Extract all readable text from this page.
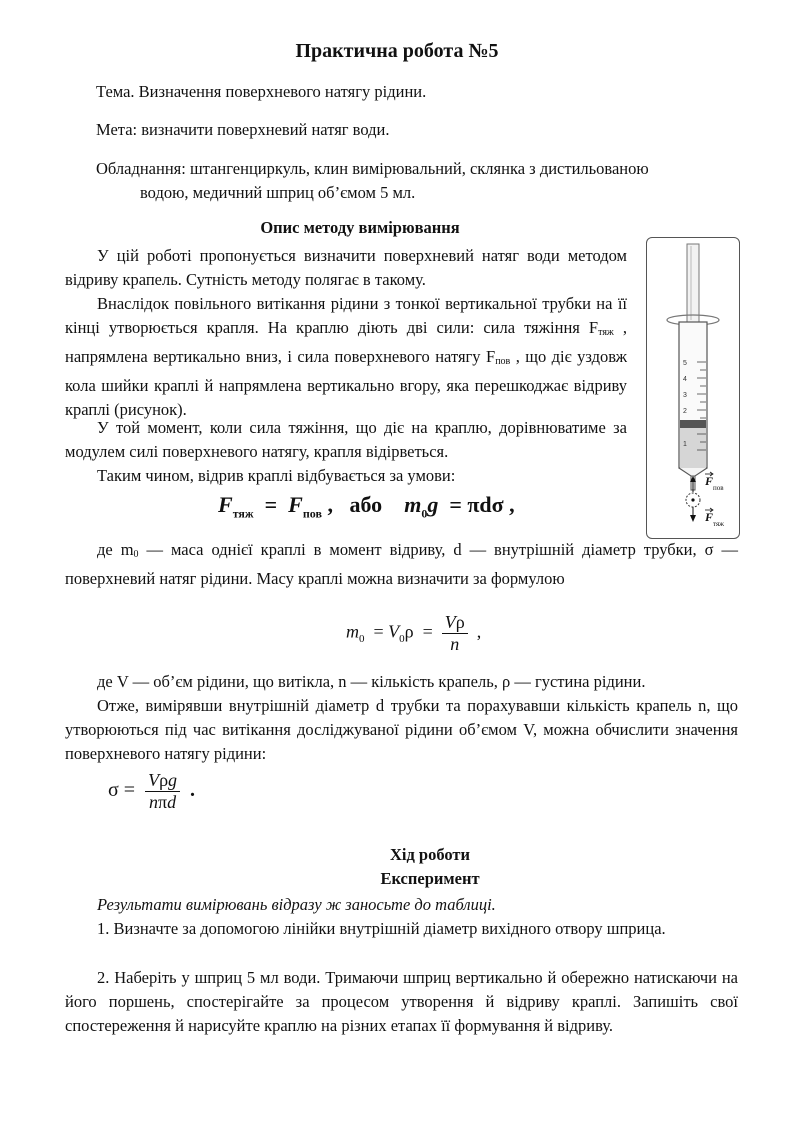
Практична робота №5
Тема. Визначення поверхневого натягу рідини.
Мета: визначити поверхневий натяг води.
Обладнання: штангенциркуль, клин вимірювальний, склянка з дистильованою
водою, медичний шприц об’ємом 5 мл.
Опис методу вимірювання
У цій роботі пропонується визначити поверхневий натяг води методом відриву крапель. Сутність методу полягає в такому.
Внаслідок повільного витікання рідини з тонкої вертикальної трубки на її кінці утворюється крапля. На краплю діють дві сили: сила тяжіння $F_{тяж}$ , напрямлена вертикально вниз, і сила поверхневого натягу $F_{пов}$ , що діє уздовж кола шийки краплі й напрямлена вертикально вгору, яка перешкоджає відриву краплі (рисунок).
У той момент, коли сила тяжіння, що діє на краплю, дорівнюватиме за модулем силі поверхневого натягу, крапля відірветься.
Таким чином, відрив краплі відбувається за умови:
$F_{тяж} = F_{пов}$ ,   або $m_0g = \pi d\sigma$ ,
де $m_0$ — маса однієї краплі в момент відриву, d — внутрішній діаметр трубки, σ — поверхневий натяг рідини. Масу краплі можна визначити за формулою
$m_0 = V_0\rho = \frac{V\rho}{n}$ ,
де V — об’єм рідини, що витікла, n — кількість крапель, ρ — густина рідини.
Отже, вимірявши внутрішній діаметр d трубки та порахувавши кількість крапель n, що утворюються під час витікання досліджуваної рідини об’ємом V, можна обчислити значення поверхневого натягу рідини:
$\sigma = \frac{\text{Vρg}}{\text{nπd}}$ .
Хід роботи
Експеримент
Результати вимірювань відразу ж заносьте до таблиці.
1. Визначте за допомогою лінійки внутрішній діаметр вихідного отвору шприца.
2. Наберіть у шприц 5 мл води. Тримаючи шприц вертикально й обережно натискаючи на його поршень, спостерігайте за процесом утворення й відриву краплі. Запишіть свої спостереження й нарисуйте краплю на різних етапах її формування й відриву.
5
4
3
2
1
F
F
пов
тяж
